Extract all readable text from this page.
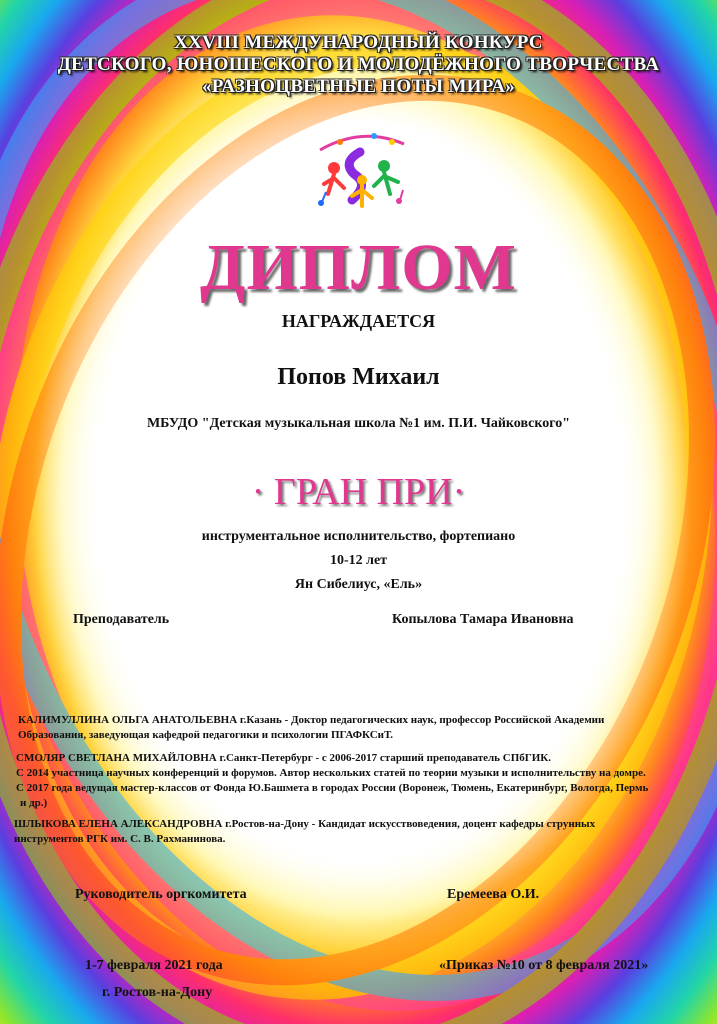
XXVIII МЕЖДУНАРОДНЫЙ КОНКУРС
ДЕТСКОГО, ЮНОШЕСКОГО И МОЛОДЁЖНОГО ТВОРЧЕСТВА
«РАЗНОЦВЕТНЫЕ НОТЫ МИРА»
ДИПЛОМ
НАГРАЖДАЕТСЯ
Попов Михаил
МБУДО "Детская музыкальная школа №1 им. П.И. Чайковского"
· ГРАН ПРИ·
инструментальное исполнительство, фортепиано
10-12 лет
Ян Сибелиус, «Ель»
Преподаватель	Копылова Тамара Ивановна
КАЛИМУЛЛИНА ОЛЬГА АНАТОЛЬЕВНА г.Казань - Доктор педагогических наук, профессор Российской Академии
Образования, заведующая кафедрой педагогики и психологии ПГАФКСиТ.
СМОЛЯР СВЕТЛАНА МИХАЙЛОВНА г.Санкт-Петербург - с 2006-2017 старший преподаватель СПбГИК.
С 2014 участница научных конференций и форумов. Автор нескольких статей по теории музыки и исполнительству на домре.
С 2017 года ведущая мастер-классов от Фонда Ю.Башмета в городах России (Воронеж, Тюмень, Екатеринбург, Вологда, Пермь
и др.)
ШЛЫКОВА ЕЛЕНА АЛЕКСАНДРОВНА г.Ростов-на-Дону - Кандидат искусствоведения, доцент кафедры струнных
инструментов РГК им. С. В. Рахманинова.
Руководитель оргкомитета	Еремеева О.И.
1-7 февраля 2021 года	«Приказ №10 от 8 февраля 2021»
г. Ростов-на-Дону
